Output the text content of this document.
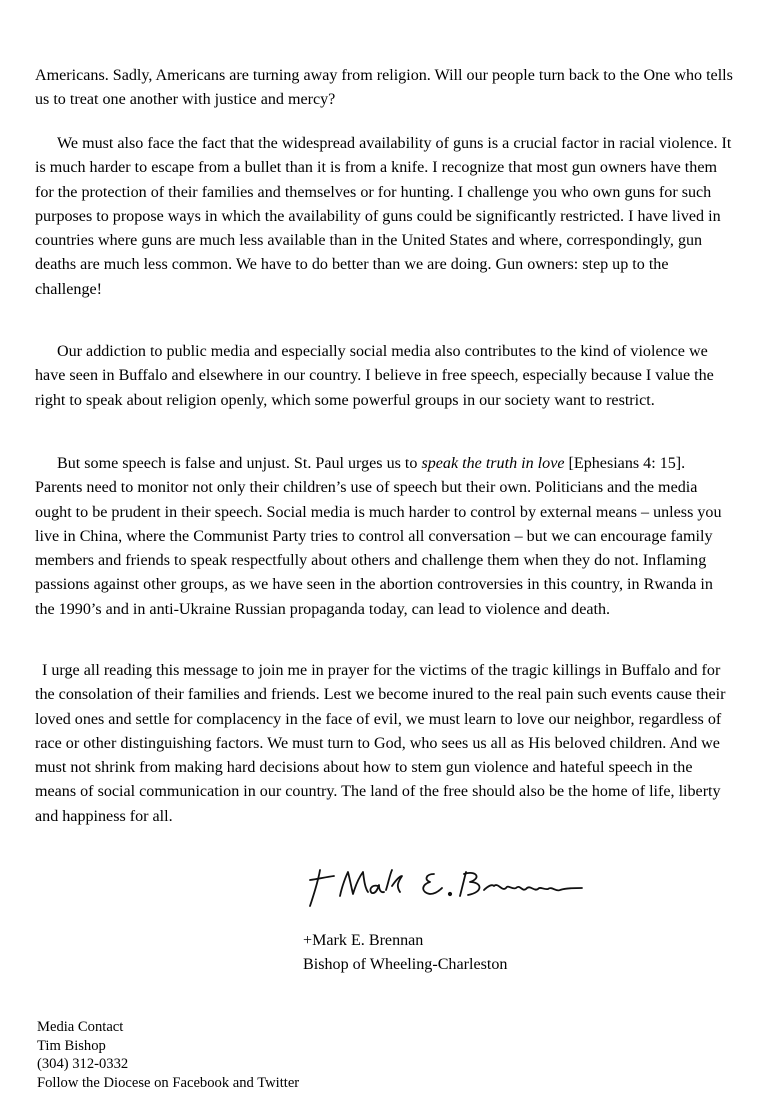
Americans. Sadly, Americans are turning away from religion. Will our people turn back to the One who tells us to treat one another with justice and mercy?

We must also face the fact that the widespread availability of guns is a crucial factor in racial violence. It is much harder to escape from a bullet than it is from a knife. I recognize that most gun owners have them for the protection of their families and themselves or for hunting. I challenge you who own guns for such purposes to propose ways in which the availability of guns could be significantly restricted. I have lived in countries where guns are much less available than in the United States and where, correspondingly, gun deaths are much less common. We have to do better than we are doing. Gun owners: step up to the challenge!

Our addiction to public media and especially social media also contributes to the kind of violence we have seen in Buffalo and elsewhere in our country. I believe in free speech, especially because I value the right to speak about religion openly, which some powerful groups in our society want to restrict.

But some speech is false and unjust. St. Paul urges us to speak the truth in love [Ephesians 4: 15]. Parents need to monitor not only their children’s use of speech but their own. Politicians and the media ought to be prudent in their speech. Social media is much harder to control by external means – unless you live in China, where the Communist Party tries to control all conversation – but we can encourage family members and friends to speak respectfully about others and challenge them when they do not. Inflaming passions against other groups, as we have seen in the abortion controversies in this country, in Rwanda in the 1990’s and in anti-Ukraine Russian propaganda today, can lead to violence and death.

I urge all reading this message to join me in prayer for the victims of the tragic killings in Buffalo and for the consolation of their families and friends. Lest we become inured to the real pain such events cause their loved ones and settle for complacency in the face of evil, we must learn to love our neighbor, regardless of race or other distinguishing factors. We must turn to God, who sees us all as His beloved children. And we must not shrink from making hard decisions about how to stem gun violence and hateful speech in the means of social communication in our country. The land of the free should also be the home of life, liberty and happiness for all.

+Mark E. Brennan
Bishop of Wheeling-Charleston
Media Contact
Tim Bishop
(304) 312-0332
Follow the Diocese on Facebook and Twitter
